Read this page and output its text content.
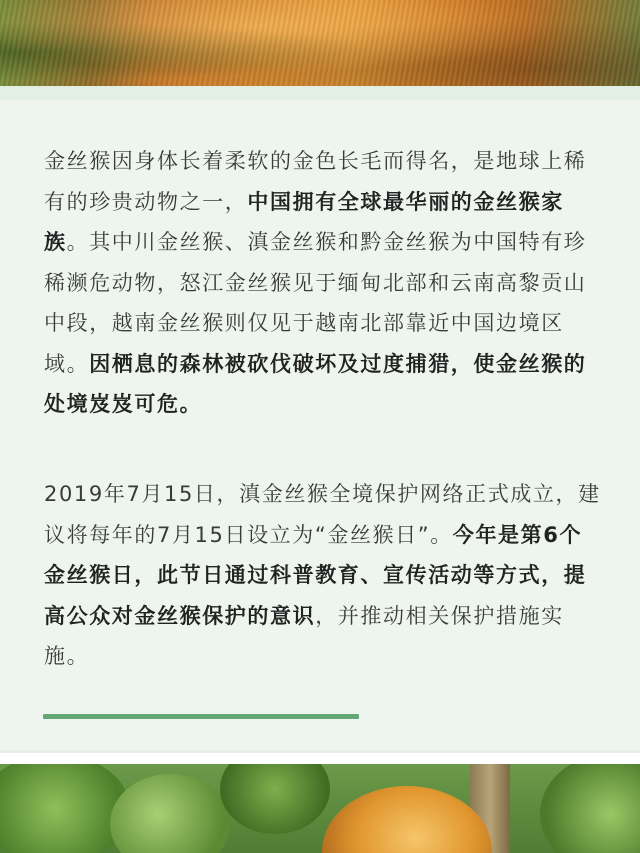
金丝猴因身体长着柔软的金色长毛而得名，是地球上稀有的珍贵动物之一，中国拥有全球最华丽的金丝猴家族。其中川金丝猴、滇金丝猴和黔金丝猴为中国特有珍稀濒危动物，怒江金丝猴见于缅甸北部和云南高黎贡山中段，越南金丝猴则仅见于越南北部靠近中国边境区域。因栖息的森林被砍伐破坏及过度捕猎，使金丝猴的处境岌岌可危。

2019年7月15日，滇金丝猴全境保护网络正式成立，建议将每年的7月15日设立为“金丝猴日”。今年是第6个金丝猴日，此节日通过科普教育、宣传活动等方式，提高公众对金丝猴保护的意识，并推动相关保护措施实施。
